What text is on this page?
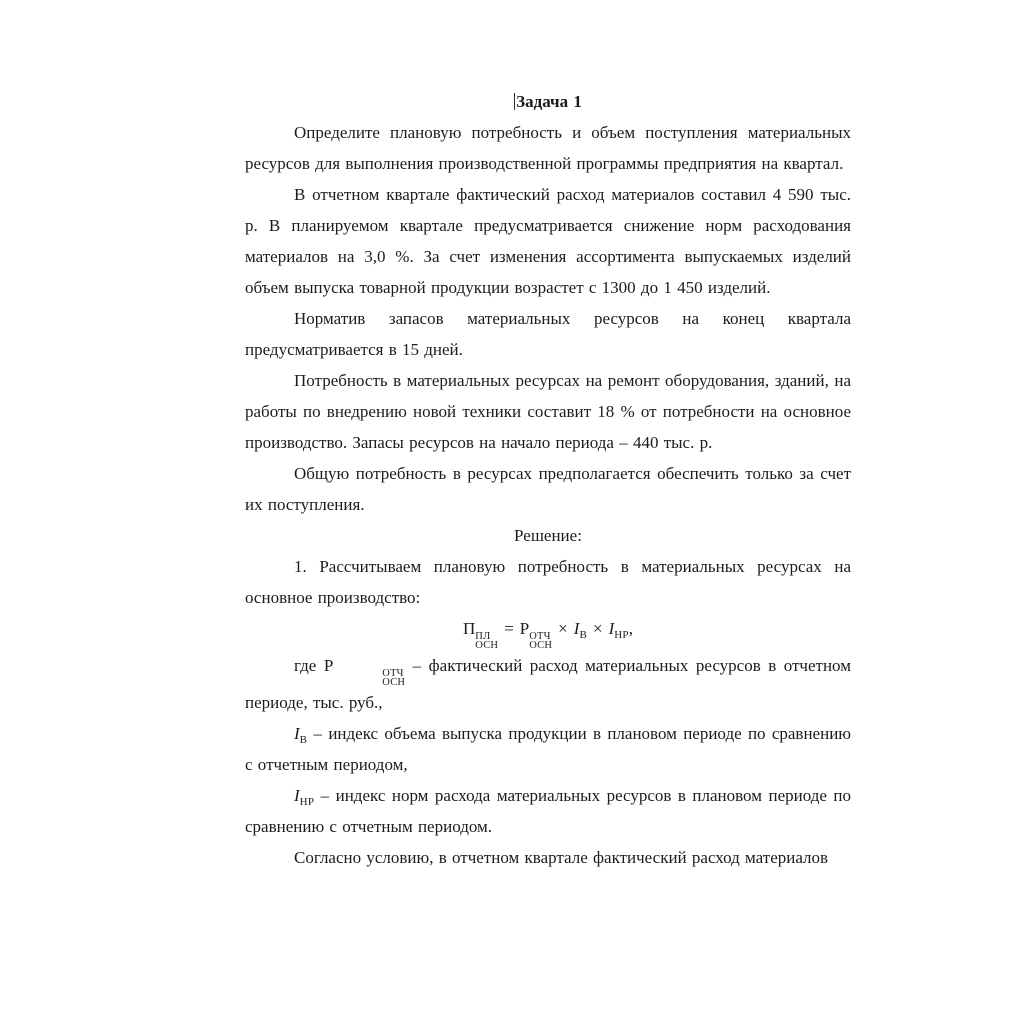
Задача 1

Определите плановую потребность и объем поступления материальных ресурсов для выполнения производственной программы предприятия на квартал.

В отчетном квартале фактический расход материалов составил 4 590 тыс. р. В планируемом квартале предусматривается снижение норм расходования материалов на 3,0 %. За счет изменения ассортимента выпускаемых изделий объем выпуска товарной продукции возрастет с 1300 до 1 450 изделий.

Норматив запасов материальных ресурсов на конец квартала предусматривается в 15 дней.

Потребность в материальных ресурсах на ремонт оборудования, зданий, на работы по внедрению новой техники составит 18 % от потребности на основное производство. Запасы ресурсов на начало периода – 440 тыс. р.

Общую потребность в ресурсах предполагается обеспечить только за счет их поступления.

Решение:

1. Рассчитываем плановую потребность в материальных ресурсах на основное производство:

П ПЛ
ОСН
= Р ОТЧ
ОСН
× $I_В \times I_{НР}$,

где Р	ОТЧ
ОСН
– фактический расход материальных ресурсов в отчетном периоде, тыс. руб.,

$I_В$ – индекс объема выпуска продукции в плановом периоде по сравнению с отчетным периодом,

$I_{НР}$ – индекс норм расхода материальных ресурсов в плановом периоде по сравнению с отчетным периодом.

Согласно условию, в отчетном квартале фактический расход материалов
